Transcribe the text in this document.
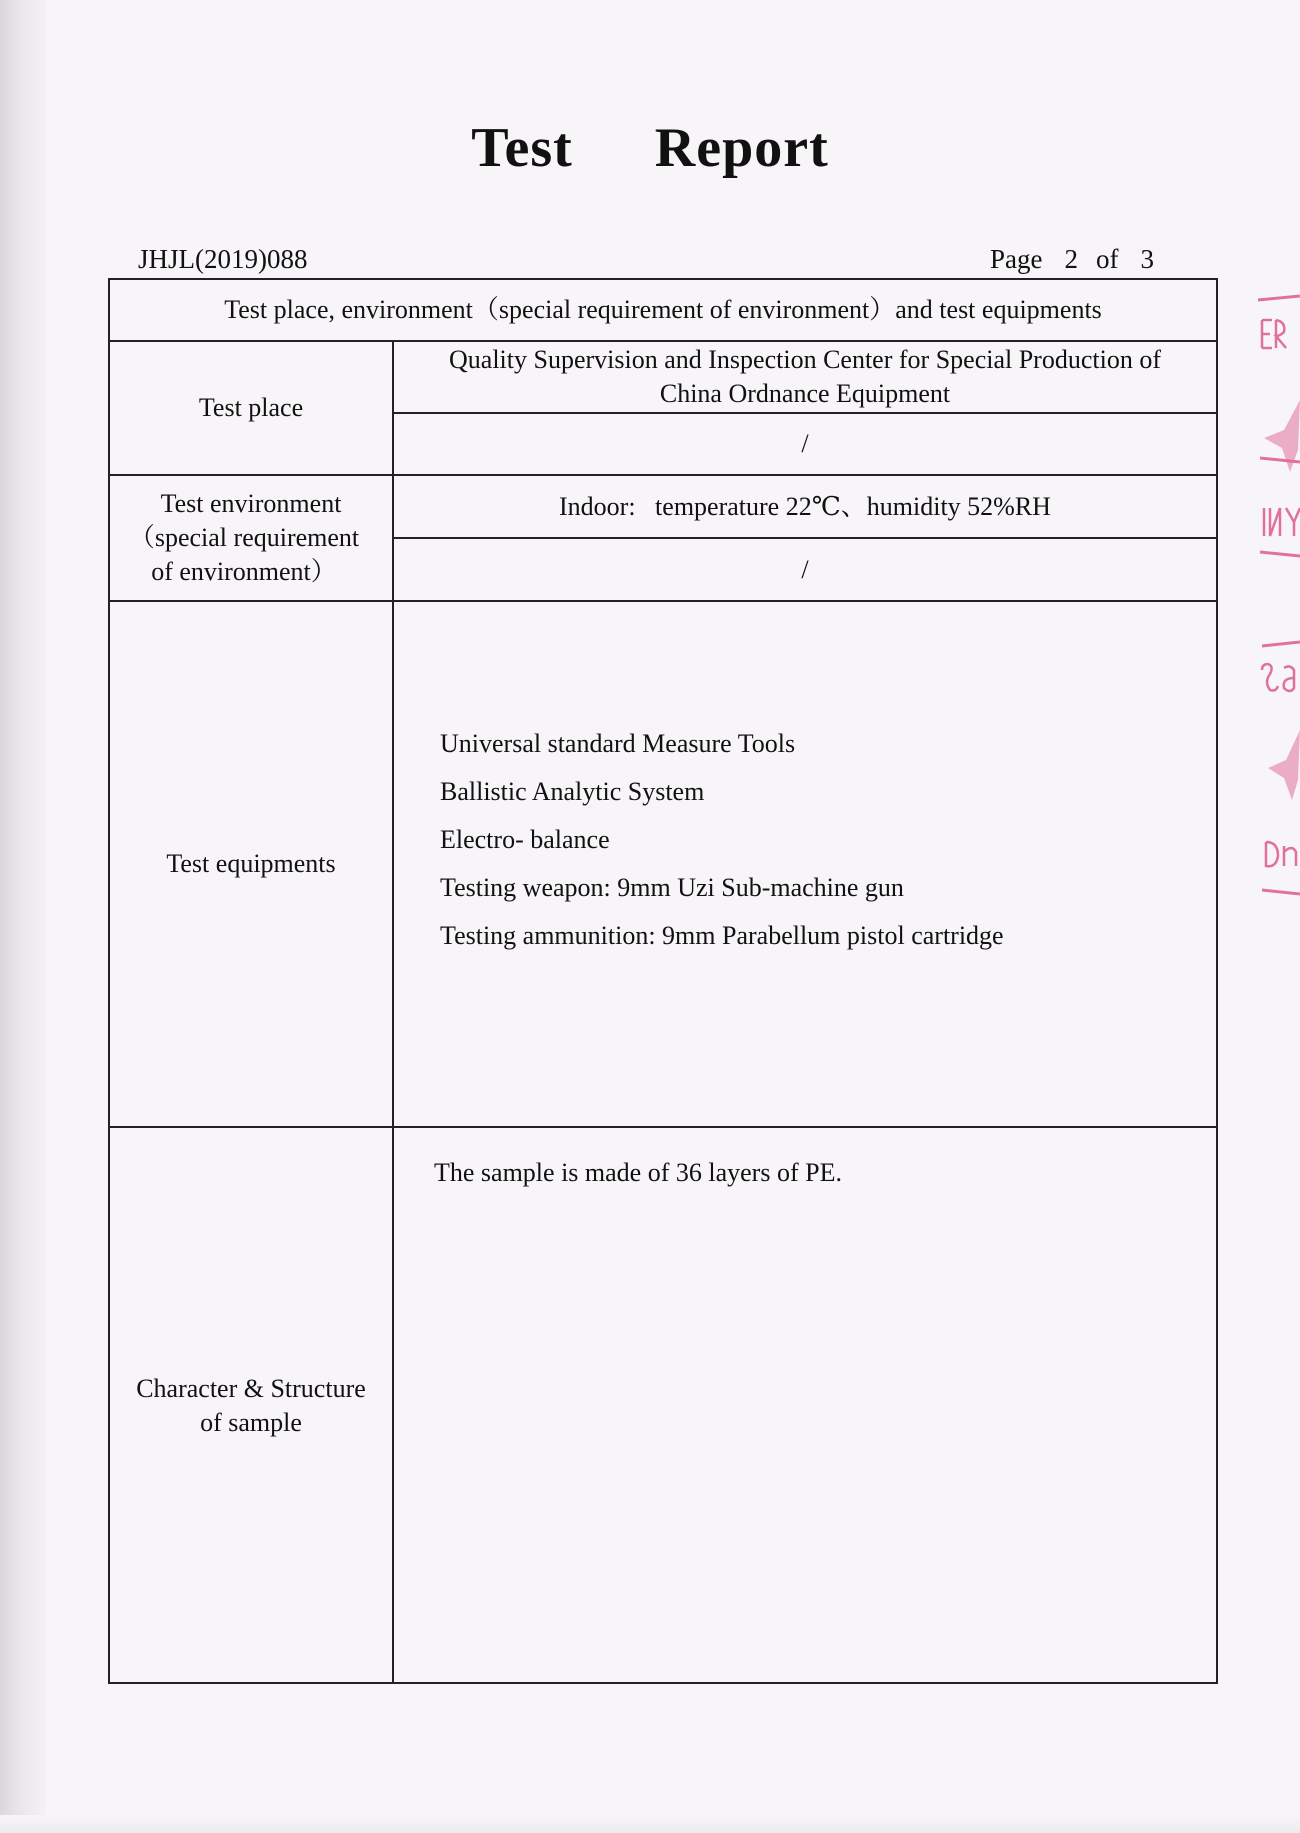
Test Report
JHJL(2019)088	Page 2 of 3
Test place, environment（special requirement of environment）and test equipments
Test place
Quality Supervision and Inspection Center for Special Production of China Ordnance Equipment
/
Test environment
（special requirement
of environment）
Indoor:   temperature 22℃、humidity 52%RH
/
Test equipments
Universal standard Measure Tools
Ballistic Analytic System
Electro- balance
Testing weapon: 9mm Uzi Sub-machine gun
Testing ammunition: 9mm Parabellum pistol cartridge
Character & Structure
of sample
The sample is made of 36 layers of PE.
